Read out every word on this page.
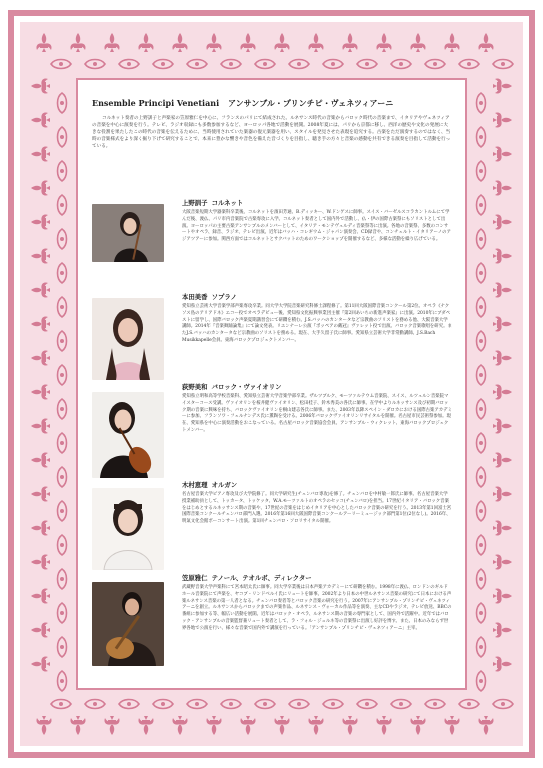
Ensemble Principi Venetiani アンサンブル・プリンチピ・ヴェネツィアーニ
コルネット奏者の上野訓子と声楽家の笠原雅仁を中心に、フランスのパリにて結成された。ルネサンス時代の音楽からバロック時代の音楽まで、イタリアやヴェネツィアの音楽を中心に演奏を行う。テレビ、ラジオ収録にも多数参加するなど、ヨーロッパ各地で活動を展開。2008年夏には、パリから京都に移し、西洋の歴史や文化の発展に大きな役割を果たしたこの時代の音楽を伝えるために、当時使用されていた楽器の復元楽器を用い、スタイルを発見させた表現を追究する。古楽をただ演奏するのではなく、当時の音楽様式をより深く掘り下げて研究することで、本来に豊かな響きや音色を備えた音づくりを目指し、聴き手の方々と音楽の感動を共有できる演奏を目指して活動を行っている。
上野訓子 コルネット
大阪音楽短期大学器楽科卒業後、コルネットを濱田芳通、B.ディッキー、W.ドンゲスに師事。スイス・バーゼルスコラカントルムにて学んだ後、渡仏、パリ市内音楽院で古楽専攻に入学。コルネット奏者として国内外で活動し、仏・伊の国際古楽祭にもソリストとして出演。ヨーロッパの主要古楽アンサンブルのメンバーとして、イタリア・モンテヴェルディ音楽祭等に出演。各地の音楽祭、多数のコンサートやオペラ、録音、ラジオ、テレビ出演。近年はバッハ・コレギウム・ジャパン演奏会、CD録音や、コンチェルト・イタリアーノのアジアツアーに参加。関西方面ではコルネットとサクバットのためのワークショップを開催するなど、多様な活動を繰り広げている。
本田美香 ソプラノ
愛知県立芸術大学音楽学部声楽専攻卒業。同大学大学院音楽研究科修士課程修了。第11回大阪国際音楽コンクール第2位。オペラ《ナクソス島のアリアドネ》エコー役でオペラデビュー後、愛知県文化振興事業団主催『第2回あいちの新進声楽家』に出演。2010年にブダペストに留学し、国際バロック声楽夏期講習会にて研鑽を積む。J.S.バッハのカンタータなど宗教曲のソリストを務める他、大阪音楽大学講師。2014年『音楽舞踊論集』にて論文発表。リエンナーレ公演『ポッペアの戴冠』ヴァレット役で出演。バロック音楽歌唱を研究。またJ.S.バッハのカンタータなど宗教曲のソリストを務める。現在、大手久留子氏に師事。愛知県立芸術大学非常勤講師。J.S.Bach Musikkapelle会員。東海バロックプロジェクトメンバー。
荻野美和 バロック・ヴァイオリン
愛知県立明和高等学校音楽科、愛知県立芸術大学音楽学部卒業。ザルツブルク、モーツァルテウム音楽院、スイス、ルツェルン音楽院マイスターコース受講。ヴァイオリンを桜井健ヴァイオリン、松田桂子、鈴木秀美の各氏に師事。在学中よりルネッサンス及び初期バロック期の音楽に興味を持ち、バロックヴァイオリンを桐山建志各氏に師事。また、2003年以降スペイン・ダロカにおける国際古楽アカデミーに参加、フランソワ・フェルナンデス氏に薫陶を受ける。2006年バロックヴァイオリンリサイタルを開催。名古屋市民芸術祭参加。現在、愛知県を中心に演奏活動をおこなっている。名古屋バロック音楽協会会員。アンサンブル・ウィクレット、東海バロックプロジェクトメンバー。
木村恵理 オルガン
名古屋音楽大学ピアノ専攻及び大学院修了。同大学研究生(チェンバロ専攻)を修了。チェンバロを中村敏一郎氏に師事。名古屋音楽大学授業補助員として、トッカータ、トッケッタ、W.A.モーツァルトのオペラのセッコ(チェンバロ)を担当。17世紀イタリア・バロック音楽をはじめとするルネッサンス期の音楽や、17世紀の音楽をはじめイタリアを中心としたバロック音楽の研究を行う。2013年第1回富士宮国際音楽コンクールチェンバロ部門入選。2016年第16回大阪国際音楽コンクールアーリーミュージック部門第1位(2位なし)。2016年、明氣文化会館ボーコンサート出演。第1回チェンバロ・ソロリサイタル開催。
笠原雅仁 テノール、テオルボ、ディレクター
武蔵野音楽大学声楽科にて宮本昭太氏に師事。同大学卒業後は日本声楽アカデミーにて研鑽を積む。1998年に渡仏、ロンドンのギルドホール音楽院にて声楽を、ヤコブ・リンドベルイ氏にリュートを師事。2002年より日本の中世ルネサンス音楽の研究にて日本における声楽ルネサンス音楽の第一人者となる。チェンバロ奏者等とバロック音楽の研究を行う。2007年にアンサンブル・プリンチピ・ヴェネツィアーニを創立。ルネサンスからバロックまでの声楽作品、ルネサンス・ヴォーカル作品等を演奏、主なCDやラジオ、テレビ放送、BBCの番組に参加する等、幅広い活動を展開。近年はバロック・オペラ、ルネサンス期の音楽の専門家として、国内外で活躍中。近年ではバロック・アンサンブルの音楽監督兼リュート奏者として、ラ・フォル・ジュルネ等の音楽祭に出演し好評を博す。また、日本のみならず世界各地で公演を行い、様々な音楽で国内外で講演を行っている。「アンサンブル・プリンチピ・ヴェネツィアーニ」主宰。
